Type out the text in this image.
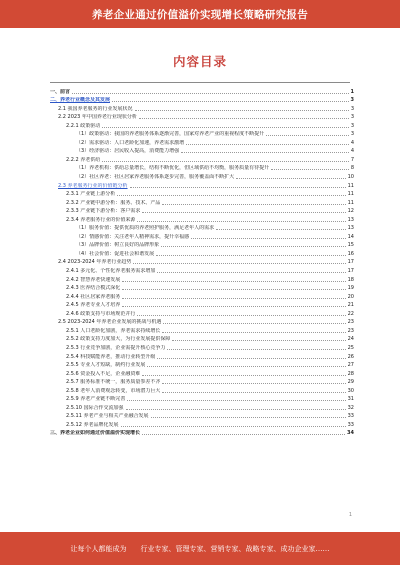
养老企业通过价值溢价实现增长策略研究报告
内容目录
一、前言	1
二、养老行业概念及其发展	3
2.1 我国养老服务的行业发展状况	3
2.2 2023 年中国养老行业现状分析	3
2.2.1 政策驱动	3
（1）政策驱动：我国的养老服务体系逐渐完善，国家对养老产业的重视程度不断提升	3
（2）需求驱动：人口老龄化加速，养老需求激增	4
（3）经济驱动：居民收入提高，消费能力增强	4
2.2.2 养老供给	7
（1）养老机构：供给总量增长，结构不断优化，但区域供给不均衡，服务质量有待提升	8
（2）社区养老：社区居家养老服务体系逐步完善，服务覆盖面不断扩大	10
2.3 养老服务行业的价值链分析	11
2.3.1 产业链上游分析	11
2.3.2 产业链中游分析：服务、技术、产品	11
2.3.3 产业链下游分析：客户需求	12
2.3.4 养老服务行业的价值来源	13
（1）服务价值：提供优质的养老照护服务，满足老年人的需求	13
（2）情感价值：关注老年人精神需求，提升幸福感	14
（3）品牌价值：树立良好的品牌形象	15
（4）社会价值：促进社会和谐发展	16
2.4 2023-2024 年养老行业趋势	17
2.4.1 多元化、个性化养老服务需求增加	17
2.4.2 智慧养老快速发展	18
2.4.3 医养结合模式深化	19
2.4.4 社区居家养老服务	20
2.4.5 养老专业人才培养	21
2.4.6 政策支持与市场规范并行	22
2.5 2023-2024 年养老企业发展的挑战与机遇	23
2.5.1 人口老龄化加剧，养老需求持续增长	23
2.5.2 政策支持力度加大，为行业发展提供保障	24
2.5.3 行业竞争加剧，企业需提升核心竞争力	25
2.5.4 科技赋能养老，推动行业转型升级	26
2.5.5 专业人才短缺，制约行业发展	27
2.5.6 资金投入不足，企业融资难	28
2.5.7 服务标准不统一，服务质量参差不齐	29
2.5.8 老年人消费观念转变，市场潜力巨大	30
2.5.9 养老产业链不断完善	31
2.5.10 国际合作交流加强	32
2.5.11 养老产业与相关产业融合发展	33
2.5.12 养老品牌化发展	33
三、养老企业如何通过价值溢价实现增长	34
1
让每个人都能成为 行业专家、管理专家、营销专家、战略专家、成功企业家……
